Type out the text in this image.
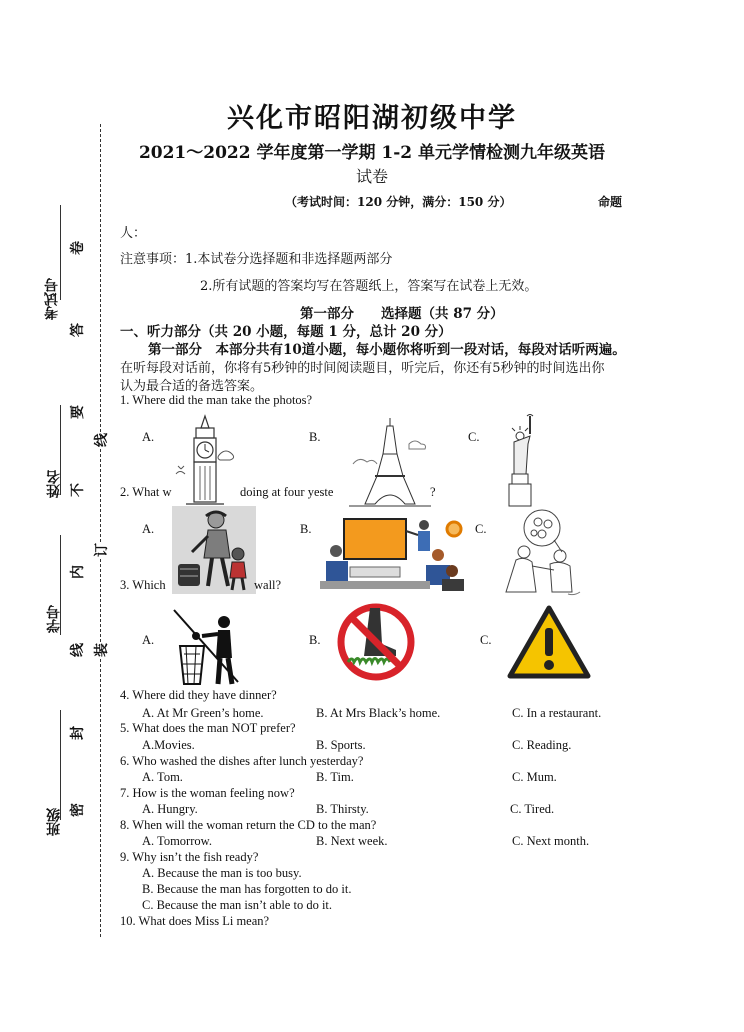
兴化市昭阳湖初级中学
2021～2022 学年度第一学期 1-2 单元学情检测九年级英语
试卷
（考试时间：120 分钟，满分：150 分）	命题
人：
注意事项：1.本试卷分选择题和非选择题两部分
2.所有试题的答案均写在答题纸上，答案写在试卷上无效。
第一部分　　选择题（共 87 分）
一、听力部分（共 20 小题，每题 1 分，总计 20 分）
第一部分　本部分共有10道小题，每小题你将听到一段对话，每段对话听两遍。
在听每段对话前，你将有5秒钟的时间阅读题目，听完后，你还有5秒钟的时间选出你
认为最合适的备选答案。
考试号
姓名
学号
班级
卷
答
要
不
内
线
封
密
线
订
装
1. Where did the man take the photos?
A.	B.	C.
2. What w	doing at four yeste	?
A.	B.	C.
3. Which	wall?
A.	B.	C.
4. Where did they have dinner?
A. At Mr Green’s home.	B. At Mrs Black’s home.	C. In a restaurant.
5. What does the man NOT prefer?
A.Movies.	B. Sports.	C. Reading.
6. Who washed the dishes after lunch yesterday?
A. Tom.	B. Tim.	C. Mum.
7. How is the woman feeling now?
A. Hungry.	B. Thirsty.	C. Tired.
8. When will the woman return the CD to the man?
A. Tomorrow.	B. Next week.	C. Next month.
9. Why isn’t the fish ready?
A. Because the man is too busy.
B. Because the man has forgotten to do it.
C. Because the man isn’t able to do it.
10. What does Miss Li mean?
